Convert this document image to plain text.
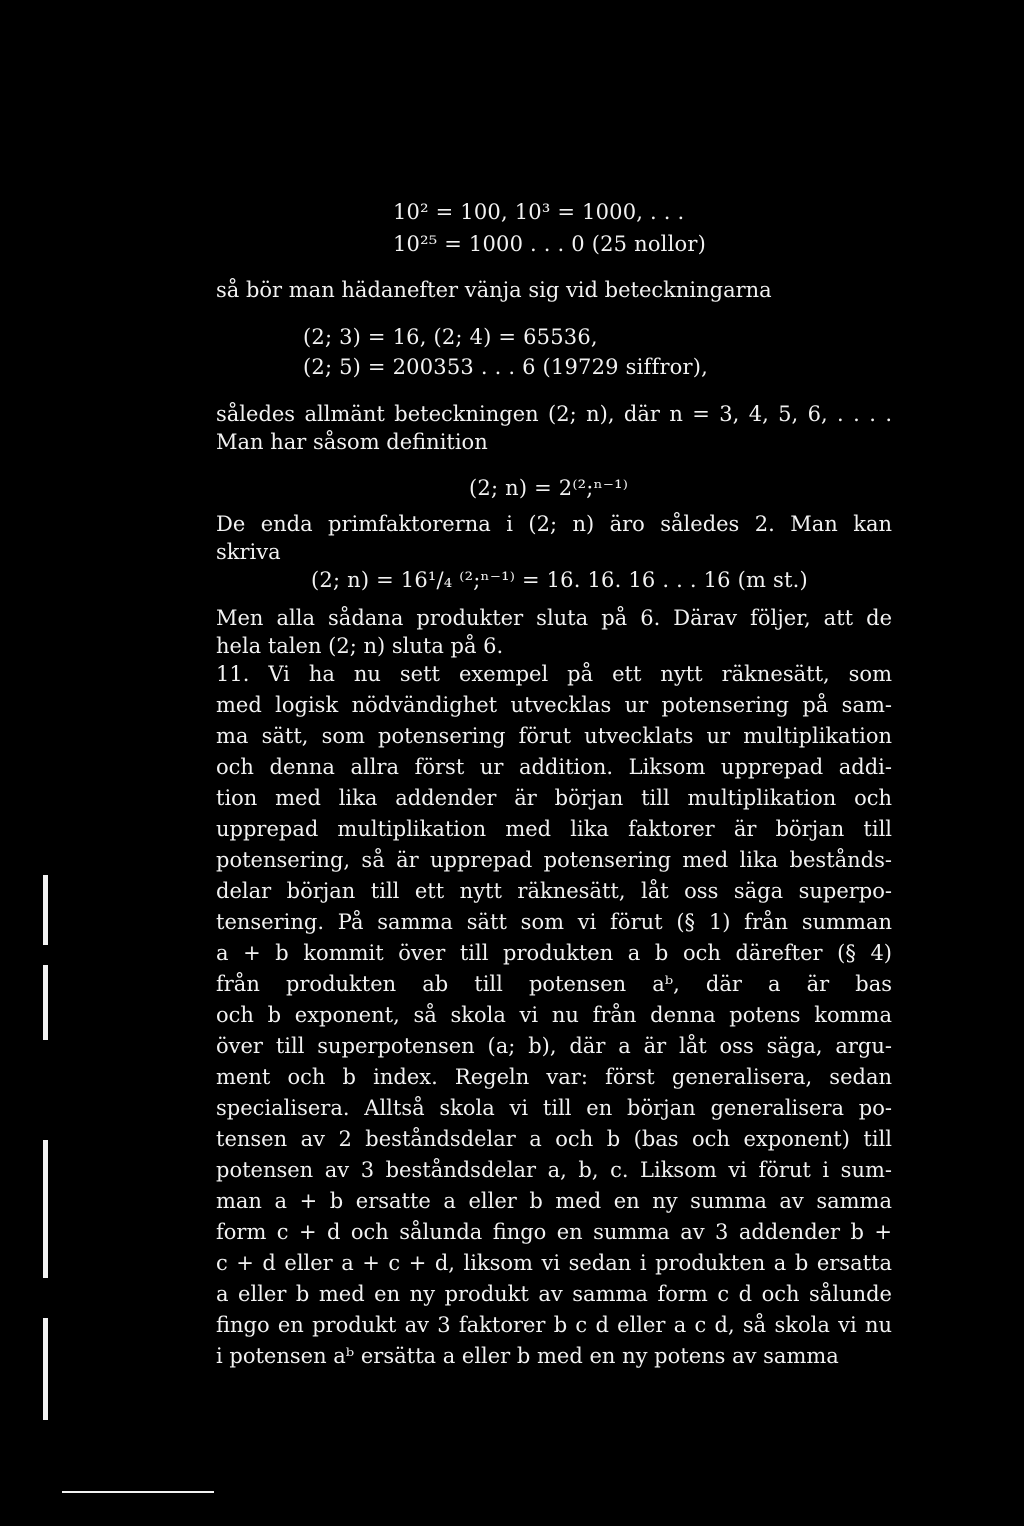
10² = 100, 10³ = 1000, . . .
10²⁵ = 1000 . . . 0 (25 nollor)
så bör man hädanefter vänja sig vid beteckningarna
(2; 3) = 16, (2; 4) = 65536,
(2; 5) = 200353 . . . 6 (19729 siffror),
således allmänt beteckningen (2; n), där n = 3, 4, 5, 6, . . . .
Man har såsom definition
(2; n) = 2⁽²;ⁿ⁻¹⁾
De enda primfaktorerna i (2; n) äro således 2. Man kan
skriva
(2; n) = 16¹/₄ ⁽²;ⁿ⁻¹⁾ = 16. 16. 16 . . . 16 (m st.)
Men alla sådana produkter sluta på 6. Därav följer, att de
hela talen (2; n) sluta på 6.
11. Vi ha nu sett exempel på ett nytt räknesätt, som
med logisk nödvändighet utvecklas ur potensering på sam-
ma sätt, som potensering förut utvecklats ur multiplikation
och denna allra först ur addition. Liksom upprepad addi-
tion med lika addender är början till multiplikation och
upprepad multiplikation med lika faktorer är början till
potensering, så är upprepad potensering med lika bestånds-
delar början till ett nytt räknesätt, låt oss säga superpo-
tensering. På samma sätt som vi förut (§ 1) från summan
a + b kommit över till produkten a b och därefter (§ 4)
från produkten ab till potensen aᵇ, där a är bas
och b exponent, så skola vi nu från denna potens komma
över till superpotensen (a; b), där a är låt oss säga, argu-
ment och b index. Regeln var: först generalisera, sedan
specialisera. Alltså skola vi till en början generalisera po-
tensen av 2 beståndsdelar a och b (bas och exponent) till
potensen av 3 beståndsdelar a, b, c. Liksom vi förut i sum-
man a + b ersatte a eller b med en ny summa av samma
form c + d och sålunda fingo en summa av 3 addender b +
c + d eller a + c + d, liksom vi sedan i produkten a b ersatta
a eller b med en ny produkt av samma form c d och sålunde
fingo en produkt av 3 faktorer b c d eller a c d, så skola vi nu
i potensen aᵇ ersätta a eller b med en ny potens av samma
